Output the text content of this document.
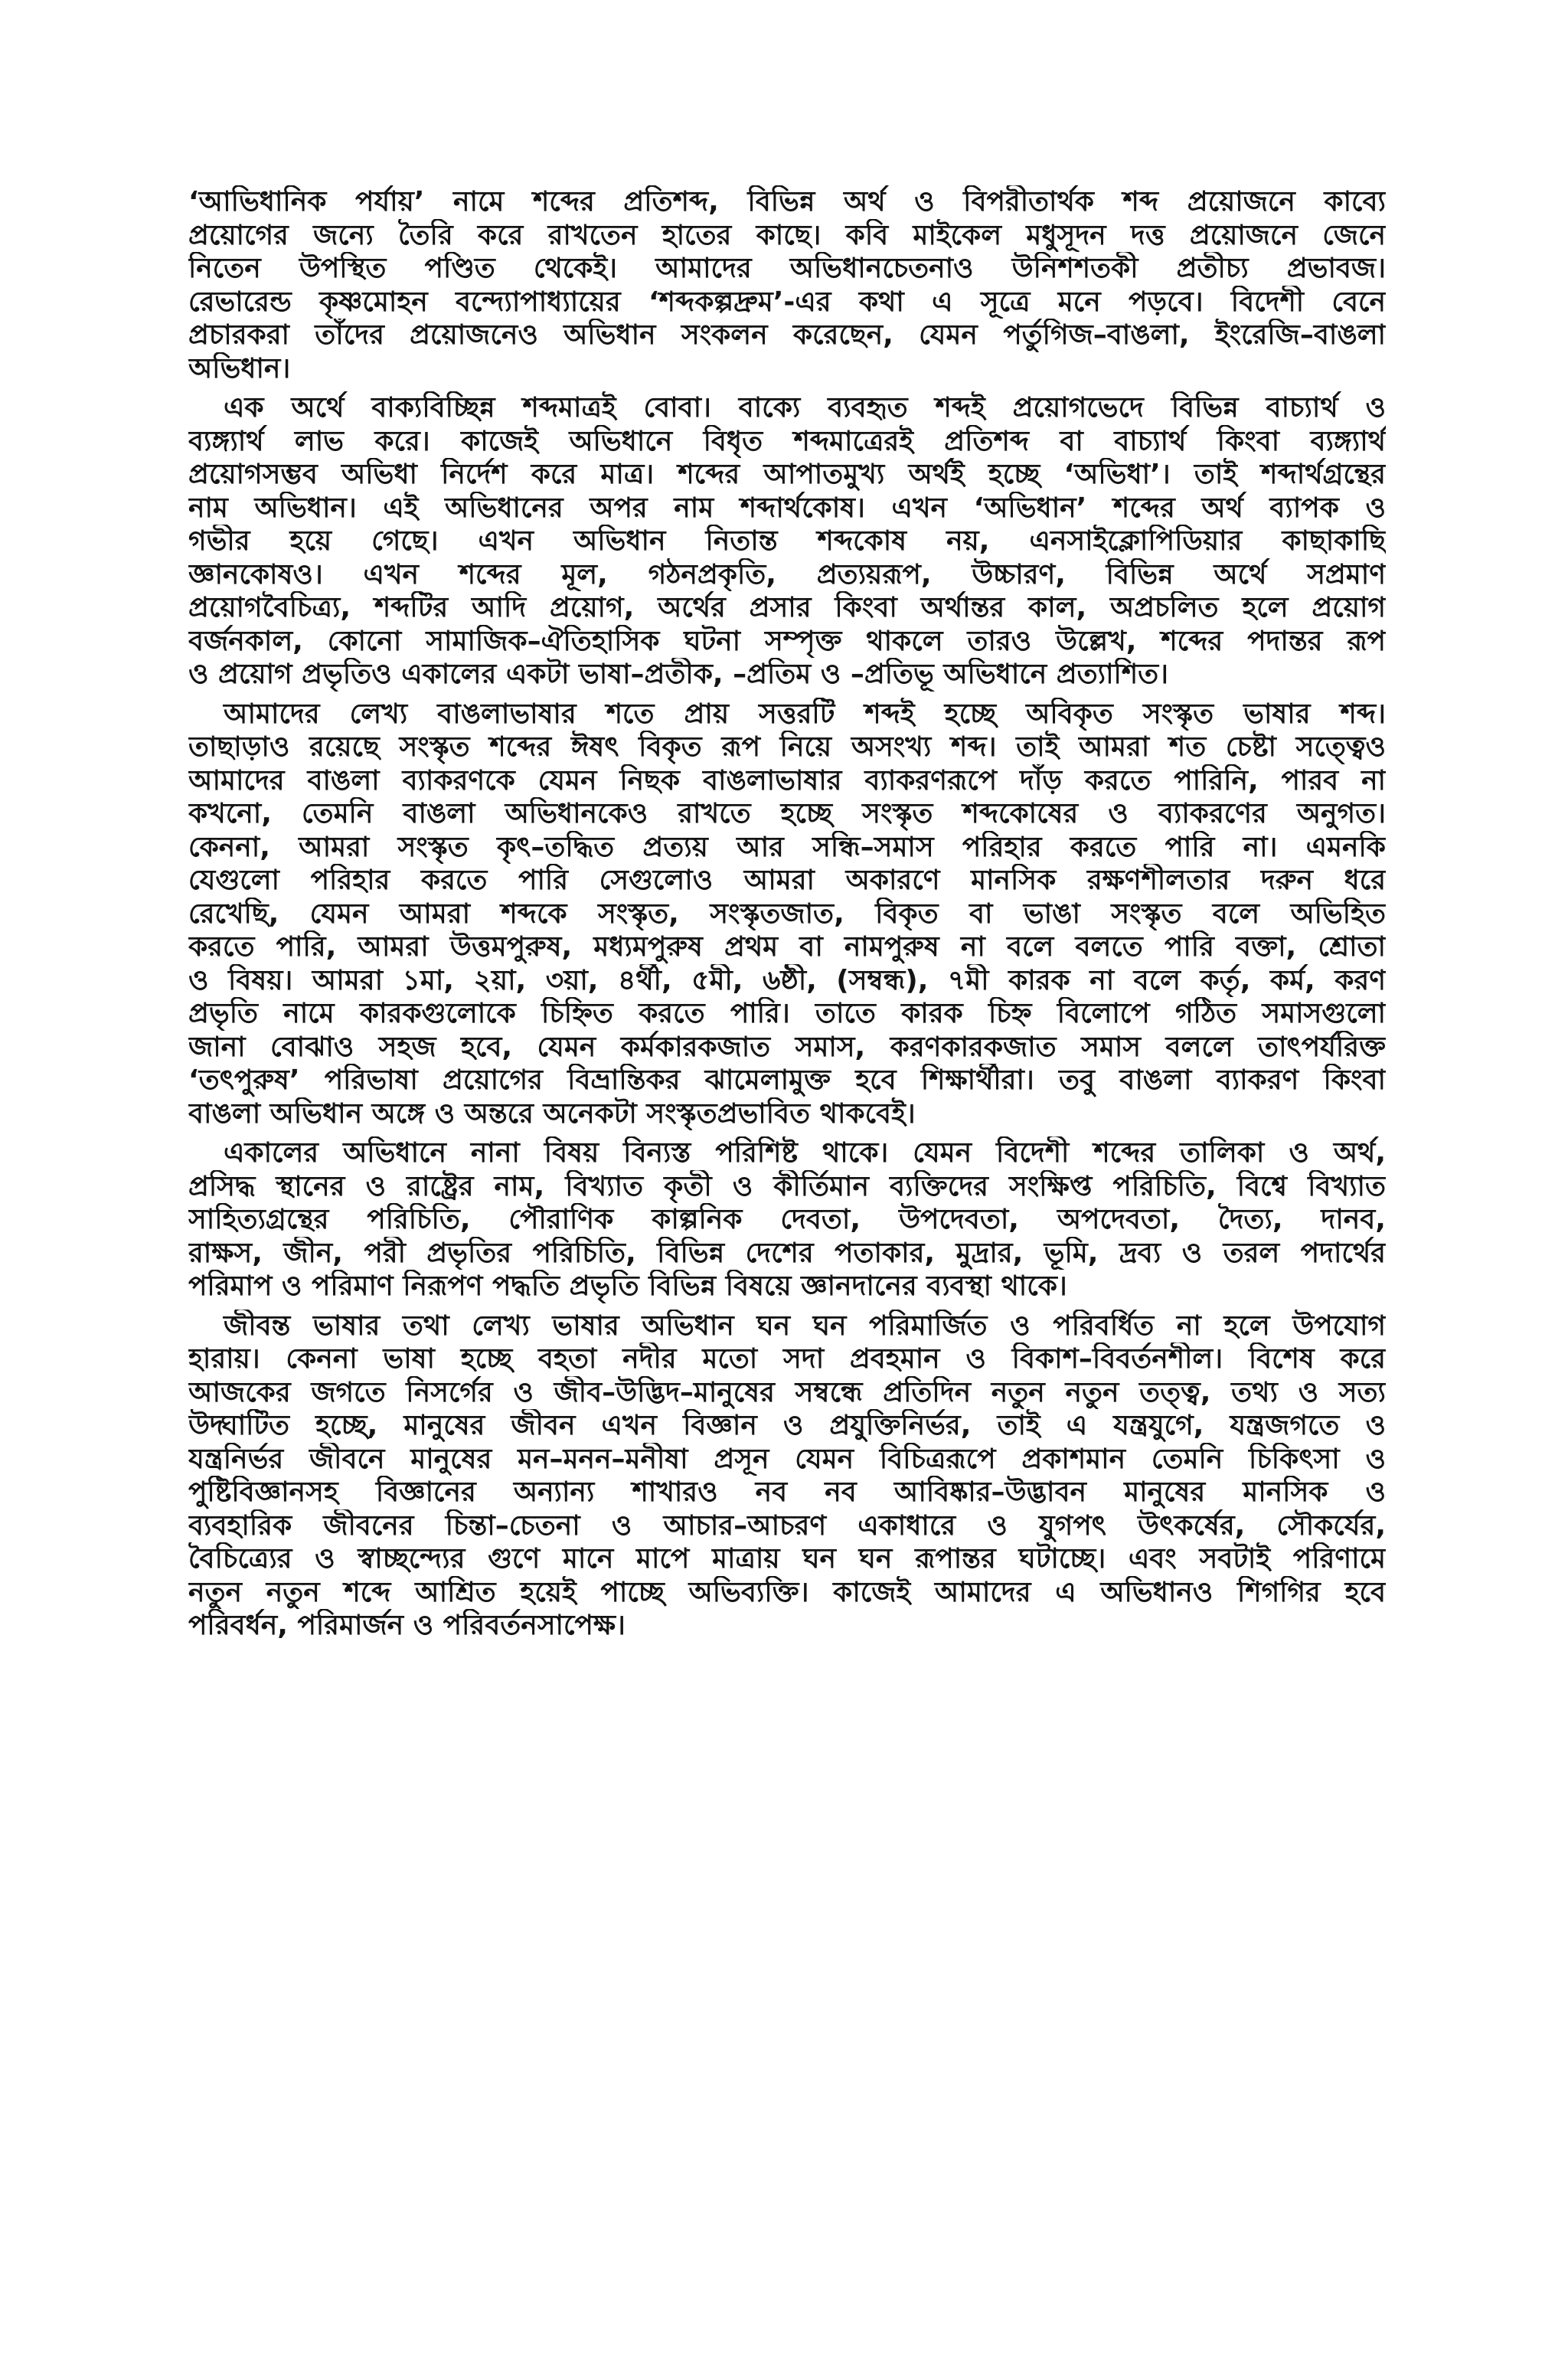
‘আভিধানিক পর্যায়’ নামে শব্দের প্রতিশব্দ, বিভিন্ন অর্থ ও বিপরীতার্থক শব্দ প্রয়োজনে কাব্যে
প্রয়োগের জন্যে তৈরি করে রাখতেন হাতের কাছে। কবি মাইকেল মধুসূদন দত্ত প্রয়োজনে জেনে
নিতেন উপস্থিত পণ্ডিত থেকেই। আমাদের অভিধানচেতনাও উনিশশতকী প্রতীচ্য প্রভাবজ।
রেভারেন্ড কৃষ্ণমোহন বন্দ্যোপাধ্যায়ের ‘শব্দকল্পদ্রুম’-এর কথা এ সূত্রে মনে পড়বে। বিদেশী বেনে
প্রচারকরা তাঁদের প্রয়োজনেও অভিধান সংকলন করেছেন, যেমন পর্তুগিজ–বাঙলা, ইংরেজি–বাঙলা
অভিধান।
এক অর্থে বাক্যবিচ্ছিন্ন শব্দমাত্রই বোবা। বাক্যে ব্যবহৃত শব্দই প্রয়োগভেদে বিভিন্ন বাচ্যার্থ ও
ব্যঙ্গ্যার্থ লাভ করে। কাজেই অভিধানে বিধৃত শব্দমাত্রেরই প্রতিশব্দ বা বাচ্যার্থ কিংবা ব্যঙ্গ্যার্থ
প্রয়োগসম্ভব অভিধা নির্দেশ করে মাত্র। শব্দের আপাতমুখ্য অর্থই হচ্ছে ‘অভিধা’। তাই শব্দার্থগ্রন্থের
নাম অভিধান। এই অভিধানের অপর নাম শব্দার্থকোষ। এখন ‘অভিধান’ শব্দের অর্থ ব্যাপক ও
গভীর হয়ে গেছে। এখন অভিধান নিতান্ত শব্দকোষ নয়, এনসাইক্লোপিডিয়ার কাছাকাছি
জ্ঞানকোষও। এখন শব্দের মূল, গঠনপ্রকৃতি, প্রত্যয়রূপ, উচ্চারণ, বিভিন্ন অর্থে সপ্রমাণ
প্রয়োগবৈচিত্র্য, শব্দটির আদি প্রয়োগ, অর্থের প্রসার কিংবা অর্থান্তর কাল, অপ্রচলিত হলে প্রয়োগ
বর্জনকাল, কোনো সামাজিক–ঐতিহাসিক ঘটনা সম্পৃক্ত থাকলে তারও উল্লেখ, শব্দের পদান্তর রূপ
ও প্রয়োগ প্রভৃতিও একালের একটা ভাষা–প্রতীক, –প্রতিম ও –প্রতিভূ অভিধানে প্রত্যাশিত।
আমাদের লেখ্য বাঙলাভাষার শতে প্রায় সত্তরটি শব্দই হচ্ছে অবিকৃত সংস্কৃত ভাষার শব্দ।
তাছাড়াও রয়েছে সংস্কৃত শব্দের ঈষৎ বিকৃত রূপ নিয়ে অসংখ্য শব্দ। তাই আমরা শত চেষ্টা সত্ত্বেও
আমাদের বাঙলা ব্যাকরণকে যেমন নিছক বাঙলাভাষার ব্যাকরণরূপে দাঁড় করতে পারিনি, পারব না
কখনো, তেমনি বাঙলা অভিধানকেও রাখতে হচ্ছে সংস্কৃত শব্দকোষের ও ব্যাকরণের অনুগত।
কেননা, আমরা সংস্কৃত কৃৎ–তদ্ধিত প্রত্যয় আর সন্ধি–সমাস পরিহার করতে পারি না। এমনকি
যেগুলো পরিহার করতে পারি সেগুলোও আমরা অকারণে মানসিক রক্ষণশীলতার দরুন ধরে
রেখেছি, যেমন আমরা শব্দকে সংস্কৃত, সংস্কৃতজাত, বিকৃত বা ভাঙা সংস্কৃত বলে অভিহিত
করতে পারি, আমরা উত্তমপুরুষ, মধ্যমপুরুষ প্রথম বা নামপুরুষ না বলে বলতে পারি বক্তা, শ্রোতা
ও বিষয়। আমরা ১মা, ২য়া, ৩য়া, ৪র্থী, ৫মী, ৬ষ্ঠী, (সম্বন্ধ), ৭মী কারক না বলে কর্তৃ, কর্ম, করণ
প্রভৃতি নামে কারকগুলোকে চিহ্নিত করতে পারি। তাতে কারক চিহ্ন বিলোপে গঠিত সমাসগুলো
জানা বোঝাও সহজ হবে, যেমন কর্মকারকজাত সমাস, করণকারকজাত সমাস বললে তাৎপর্যরিক্ত
‘তৎপুরুষ’ পরিভাষা প্রয়োগের বিভ্রান্তিকর ঝামেলামুক্ত হবে শিক্ষার্থীরা। তবু বাঙলা ব্যাকরণ কিংবা
বাঙলা অভিধান অঙ্গে ও অন্তরে অনেকটা সংস্কৃতপ্রভাবিত থাকবেই।
একালের অভিধানে নানা বিষয় বিন্যস্ত পরিশিষ্ট থাকে। যেমন বিদেশী শব্দের তালিকা ও অর্থ,
প্রসিদ্ধ স্থানের ও রাষ্ট্রের নাম, বিখ্যাত কৃতী ও কীর্তিমান ব্যক্তিদের সংক্ষিপ্ত পরিচিতি, বিশ্বে বিখ্যাত
সাহিত্যগ্রন্থের পরিচিতি, পৌরাণিক কাল্পনিক দেবতা, উপদেবতা, অপদেবতা, দৈত্য, দানব,
রাক্ষস, জীন, পরী প্রভৃতির পরিচিতি, বিভিন্ন দেশের পতাকার, মুদ্রার, ভূমি, দ্রব্য ও তরল পদার্থের
পরিমাপ ও পরিমাণ নিরূপণ পদ্ধতি প্রভৃতি বিভিন্ন বিষয়ে জ্ঞানদানের ব্যবস্থা থাকে।
জীবন্ত ভাষার তথা লেখ্য ভাষার অভিধান ঘন ঘন পরিমার্জিত ও পরিবর্ধিত না হলে উপযোগ
হারায়। কেননা ভাষা হচ্ছে বহতা নদীর মতো সদা প্রবহমান ও বিকাশ–বিবর্তনশীল। বিশেষ করে
আজকের জগতে নিসর্গের ও জীব–উদ্ভিদ–মানুষের সম্বন্ধে প্রতিদিন নতুন নতুন তত্ত্ব, তথ্য ও সত্য
উদ্ঘাটিত হচ্ছে, মানুষের জীবন এখন বিজ্ঞান ও প্রযুক্তিনির্ভর, তাই এ যন্ত্রযুগে, যন্ত্রজগতে ও
যন্ত্রনির্ভর জীবনে মানুষের মন–মনন–মনীষা প্রসূন যেমন বিচিত্ররূপে প্রকাশমান তেমনি চিকিৎসা ও
পুষ্টিবিজ্ঞানসহ বিজ্ঞানের অন্যান্য শাখারও নব নব আবিষ্কার–উদ্ভাবন মানুষের মানসিক ও
ব্যবহারিক জীবনের চিন্তা–চেতনা ও আচার–আচরণ একাধারে ও যুগপৎ উৎকর্ষের, সৌকর্যের,
বৈচিত্র্যের ও স্বাচ্ছন্দ্যের গুণে মানে মাপে মাত্রায় ঘন ঘন রূপান্তর ঘটাচ্ছে। এবং সবটাই পরিণামে
নতুন নতুন শব্দে আশ্রিত হয়েই পাচ্ছে অভিব্যক্তি। কাজেই আমাদের এ অভিধানও শিগগির হবে
পরিবর্ধন, পরিমার্জন ও পরিবর্তনসাপেক্ষ।
